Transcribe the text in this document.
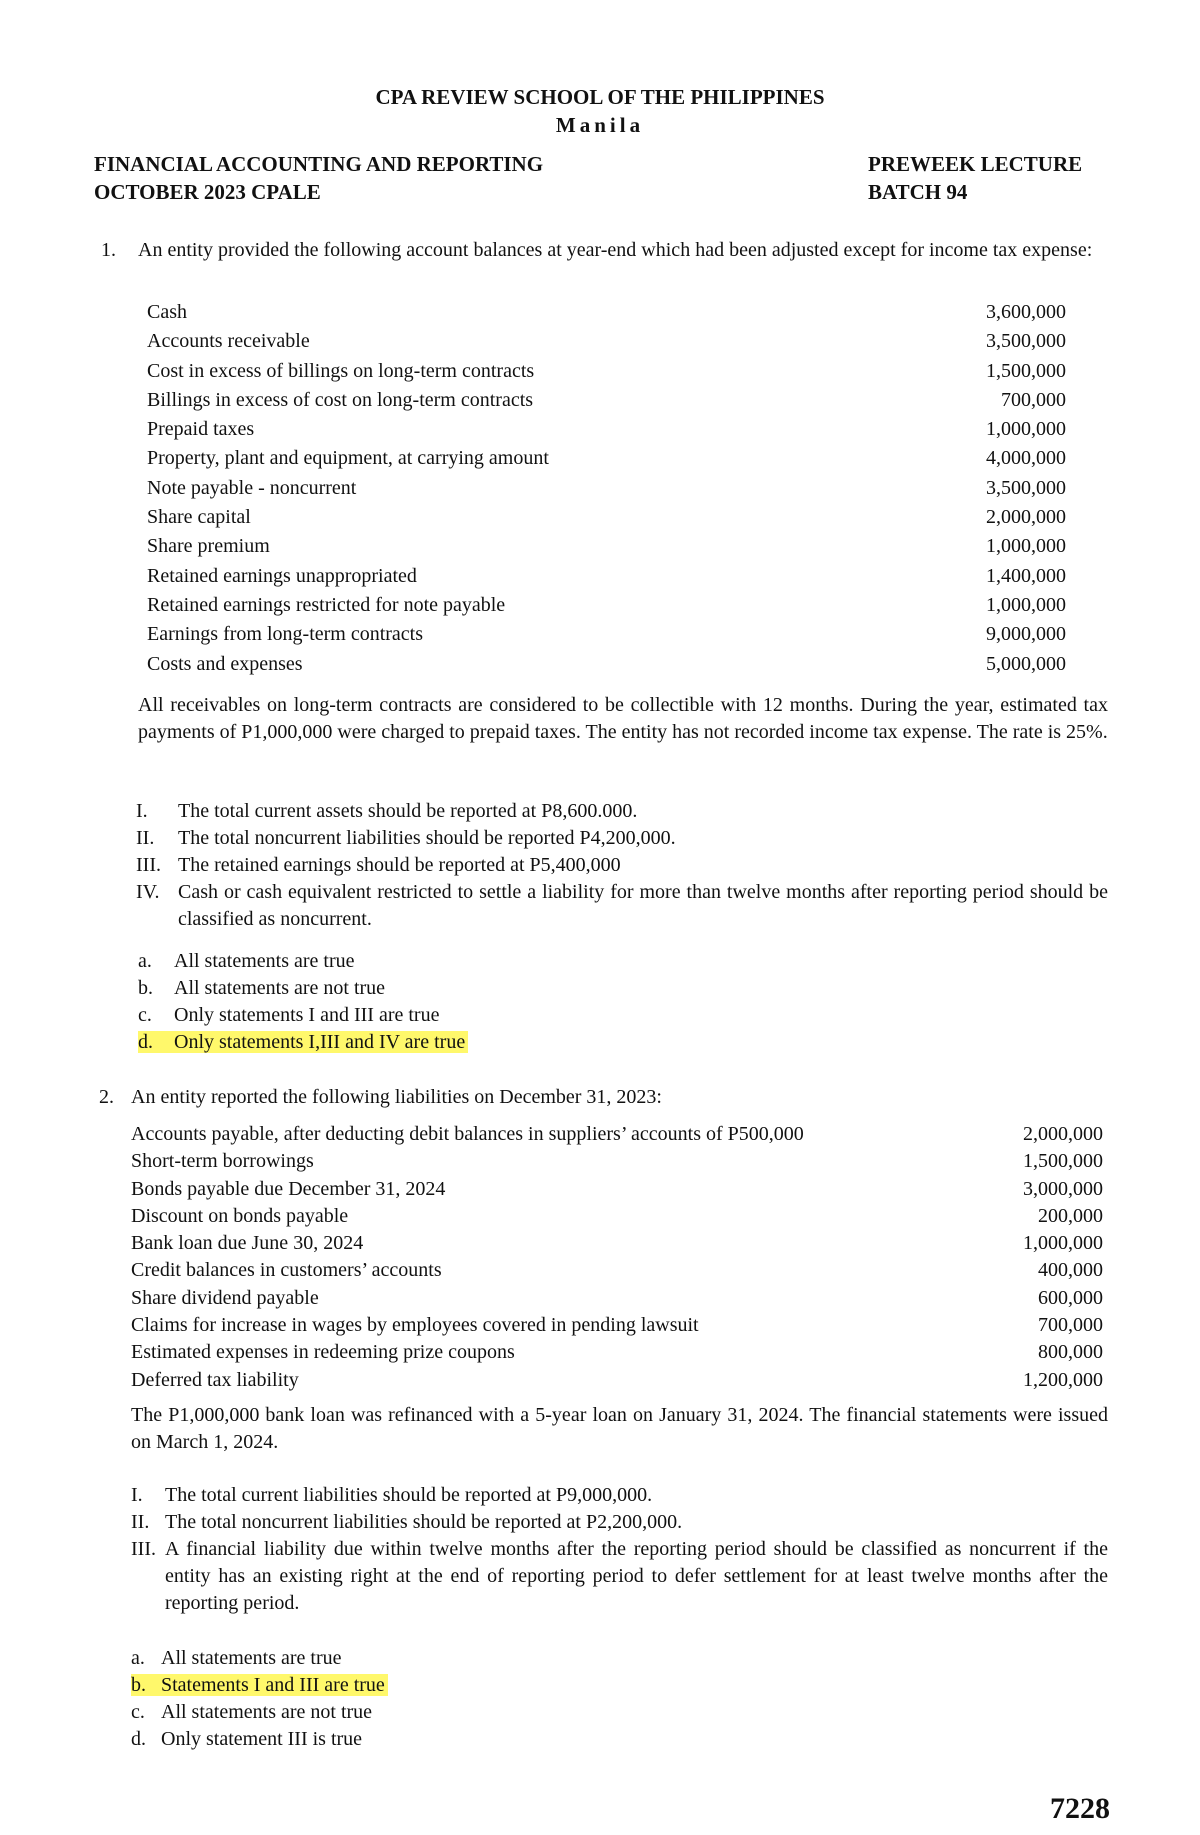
CPA REVIEW SCHOOL OF THE PHILIPPINES
Manila
FINANCIAL ACCOUNTING AND REPORTING
OCTOBER 2023 CPALE
PREWEEK LECTURE
BATCH 94
1. An entity provided the following account balances at year-end which had been adjusted except for income tax expense:
Cash	3,600,000
Accounts receivable	3,500,000
Cost in excess of billings on long-term contracts	1,500,000
Billings in excess of cost on long-term contracts	700,000
Prepaid taxes	1,000,000
Property, plant and equipment, at carrying amount	4,000,000
Note payable - noncurrent	3,500,000
Share capital	2,000,000
Share premium	1,000,000
Retained earnings unappropriated	1,400,000
Retained earnings restricted for note payable	1,000,000
Earnings from long-term contracts	9,000,000
Costs and expenses	5,000,000
All receivables on long-term contracts are considered to be collectible with 12 months. During the year, estimated tax payments of P1,000,000 were charged to prepaid taxes. The entity has not recorded income tax expense. The rate is 25%.
I.	The total current assets should be reported at P8,600.000.
II.	The total noncurrent liabilities should be reported P4,200,000.
III. The retained earnings should be reported at P5,400,000
IV. Cash or cash equivalent restricted to settle a liability for more than twelve months after reporting period should be classified as noncurrent.
a. All statements are true
b. All statements are not true
c. Only statements I and III are true
d. Only statements I,III and IV are true
2. An entity reported the following liabilities on December 31, 2023:
Accounts payable, after deducting debit balances in suppliers’ accounts of P500,000	2,000,000
Short-term borrowings	1,500,000
Bonds payable due December 31, 2024	3,000,000
Discount on bonds payable	200,000
Bank loan due June 30, 2024	1,000,000
Credit balances in customers’ accounts	400,000
Share dividend payable	600,000
Claims for increase in wages by employees covered in pending lawsuit	700,000
Estimated expenses in redeeming prize coupons	800,000
Deferred tax liability	1,200,000
The P1,000,000 bank loan was refinanced with a 5-year loan on January 31, 2024. The financial statements were issued on March 1, 2024.
I.	The total current liabilities should be reported at P9,000,000.
II. The total noncurrent liabilities should be reported at P2,200,000.
III. A financial liability due within twelve months after the reporting period should be classified as noncurrent if the entity has an existing right at the end of reporting period to defer settlement for at least twelve months after the reporting period.
a. All statements are true
b. Statements I and III are true
c. All statements are not true
d. Only statement III is true
7228
